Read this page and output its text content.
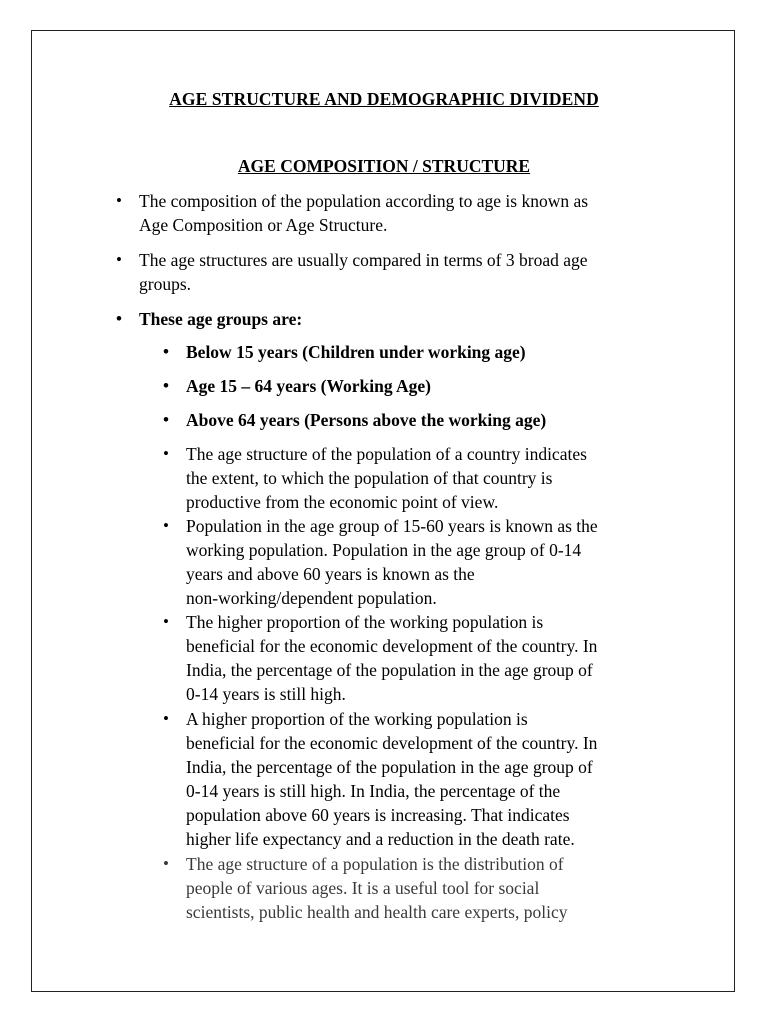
AGE STRUCTURE AND DEMOGRAPHIC DIVIDEND
AGE COMPOSITION / STRUCTURE
• The composition of the population according to age is known as
Age Composition or Age Structure.
• The age structures are usually compared in terms of 3 broad age
groups.
• These age groups are:
• Below 15 years (Children under working age)
• Age 15 – 64 years (Working Age)
• Above 64 years (Persons above the working age)
• The age structure of the population of a country indicates
the extent, to which the population of that country is
productive from the economic point of view.
• Population in the age group of 15-60 years is known as the
working population. Population in the age group of 0-14
years and above 60 years is known as the
non-working/dependent population.
• The higher proportion of the working population is
beneficial for the economic development of the country. In
India, the percentage of the population in the age group of
0-14 years is still high.
• A higher proportion of the working population is
beneficial for the economic development of the country. In
India, the percentage of the population in the age group of
0-14 years is still high. In India, the percentage of the
population above 60 years is increasing. That indicates
higher life expectancy and a reduction in the death rate.
• The age structure of a population is the distribution of
people of various ages. It is a useful tool for social
scientists, public health and health care experts, policy
